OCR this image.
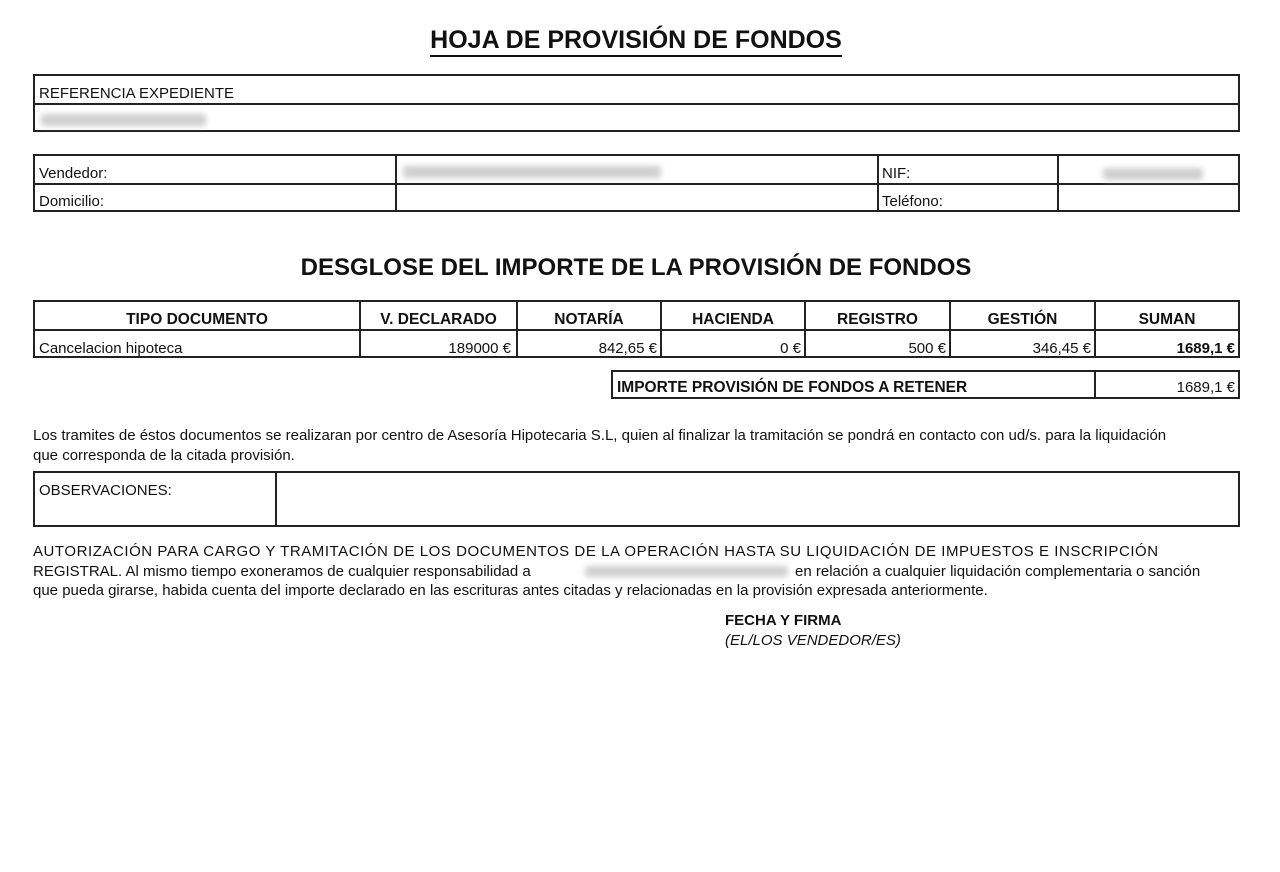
HOJA DE PROVISIÓN DE FONDOS
REFERENCIA EXPEDIENTE
Vendedor:	NIF:
Domicilio:	Teléfono:
DESGLOSE DEL IMPORTE DE LA PROVISIÓN DE FONDOS
TIPO DOCUMENTO	V. DECLARADO	NOTARÍA	HACIENDA	REGISTRO	GESTIÓN	SUMAN
Cancelacion hipoteca	189000 €	842,65 €	0 €	500 €	346,45 €	1689,1 €
IMPORTE PROVISIÓN DE FONDOS A RETENER	1689,1 €
Los tramites de éstos documentos se realizaran por centro de Asesoría Hipotecaria S.L, quien al finalizar la tramitación se pondrá en contacto con ud/s. para la liquidación que corresponda de la citada provisión.
OBSERVACIONES:
AUTORIZACIÓN PARA CARGO Y TRAMITACIÓN DE LOS DOCUMENTOS DE LA OPERACIÓN HASTA SU LIQUIDACIÓN DE IMPUESTOS E INSCRIPCIÓN
REGISTRAL. Al mismo tiempo exoneramos de cualquier responsabilidad a	en relación a cualquier liquidación complementaria o sanción
que pueda girarse, habida cuenta del importe declarado en las escrituras antes citadas y relacionadas en la provisión expresada anteriormente.
FECHA Y FIRMA
(EL/LOS VENDEDOR/ES)
